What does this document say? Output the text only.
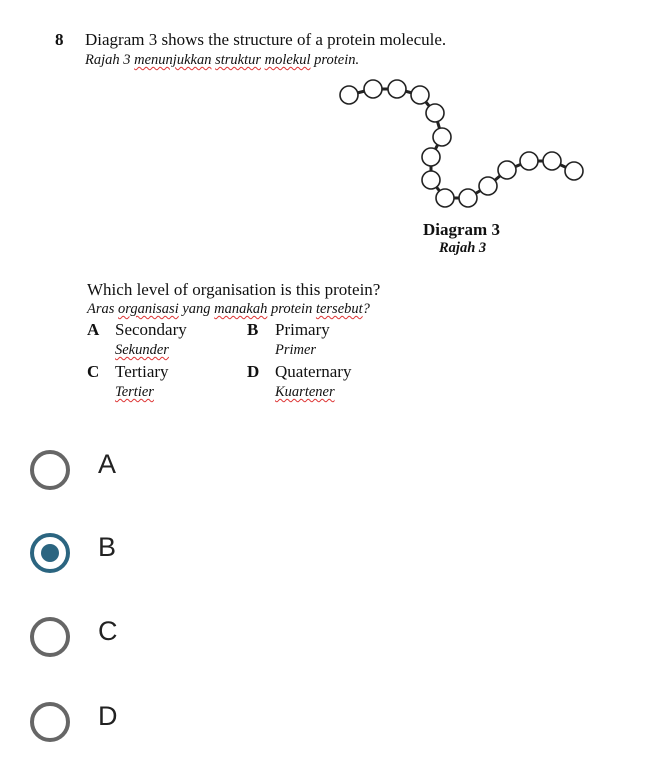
8 Diagram 3 shows the structure of a protein molecule.
Rajah 3 menunjukkan struktur molekul protein.
Diagram 3
Rajah 3
Which level of organisation is this protein?
Aras organisasi yang manakah protein tersebut?
A Secondary
Sekunder
B Primary
Primer
C Tertiary
Tertier
D Quaternary
Kuartener
A
B
C
D
